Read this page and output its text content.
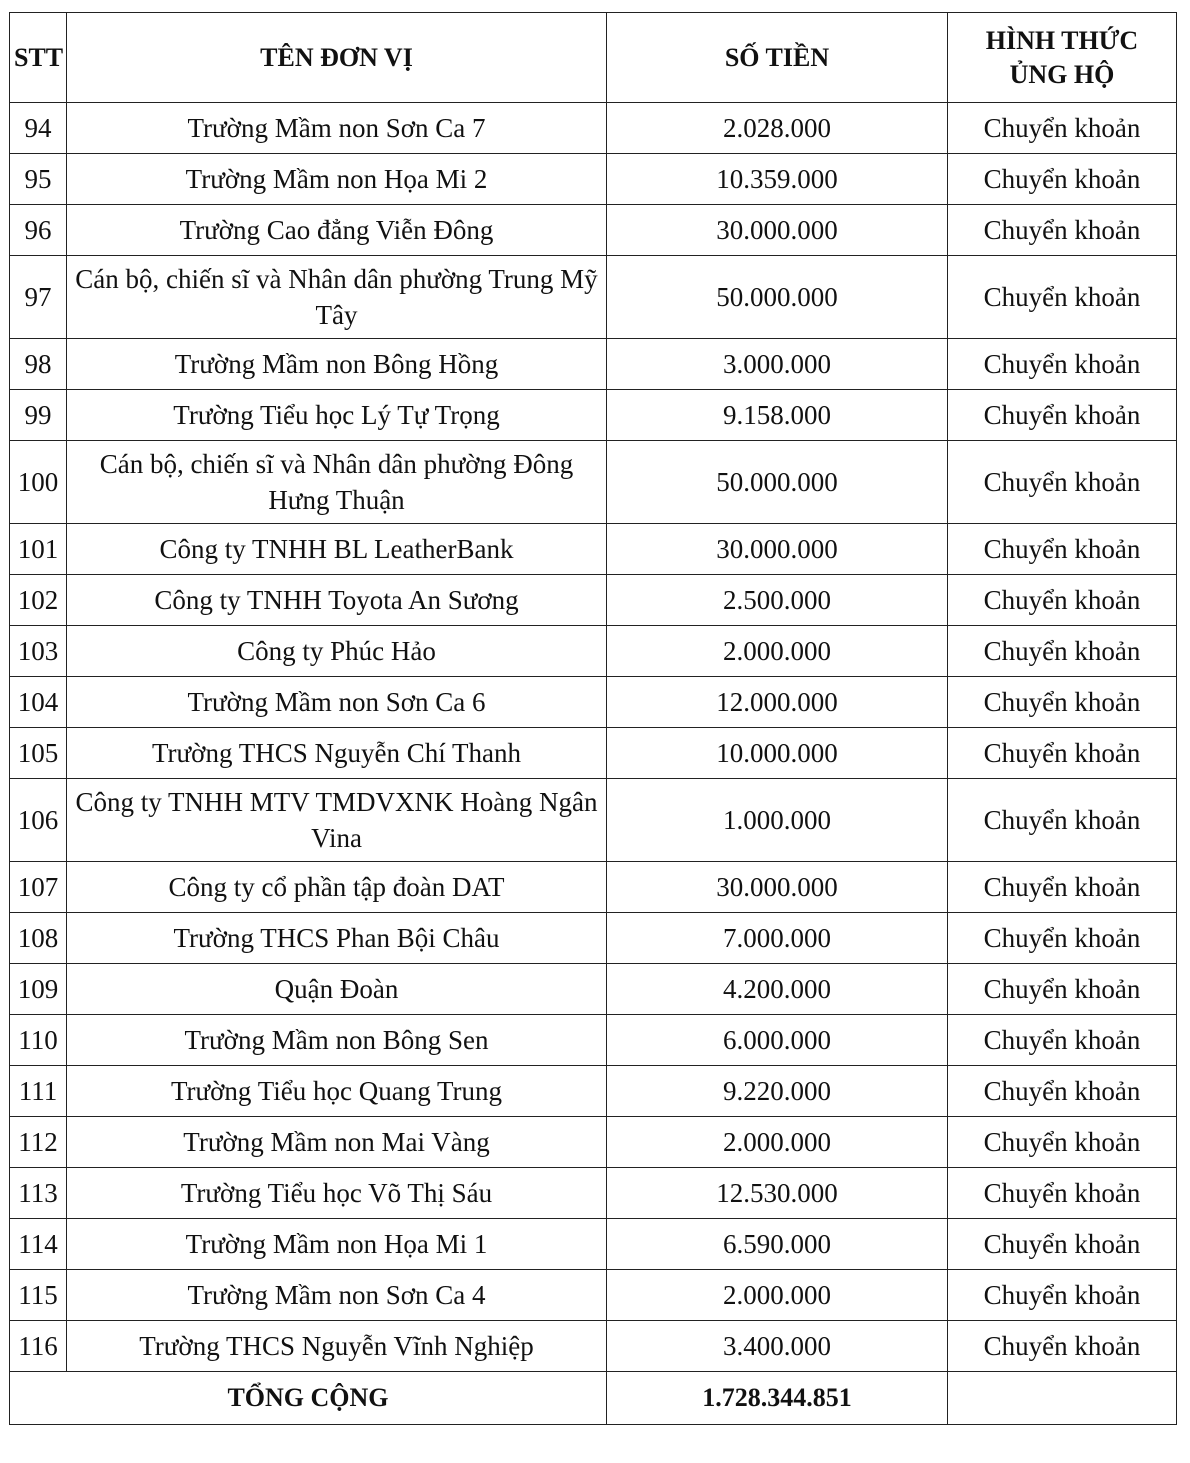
STT	TÊN ĐƠN VỊ	SỐ TIỀN	HÌNH THỨC ỦNG HỘ
94	Trường Mầm non Sơn Ca 7	2.028.000	Chuyển khoản
95	Trường Mầm non Họa Mi 2	10.359.000	Chuyển khoản
96	Trường Cao đẳng Viễn Đông	30.000.000	Chuyển khoản
97	Cán bộ, chiến sĩ và Nhân dân phường Trung Mỹ Tây	50.000.000	Chuyển khoản
98	Trường Mầm non Bông Hồng	3.000.000	Chuyển khoản
99	Trường Tiểu học Lý Tự Trọng	9.158.000	Chuyển khoản
100	Cán bộ, chiến sĩ và Nhân dân phường Đông Hưng Thuận	50.000.000	Chuyển khoản
101	Công ty TNHH BL LeatherBank	30.000.000	Chuyển khoản
102	Công ty TNHH Toyota An Sương	2.500.000	Chuyển khoản
103	Công ty Phúc Hảo	2.000.000	Chuyển khoản
104	Trường Mầm non Sơn Ca 6	12.000.000	Chuyển khoản
105	Trường THCS Nguyễn Chí Thanh	10.000.000	Chuyển khoản
106	Công ty TNHH MTV TMDVXNK Hoàng Ngân Vina	1.000.000	Chuyển khoản
107	Công ty cổ phần tập đoàn DAT	30.000.000	Chuyển khoản
108	Trường THCS Phan Bội Châu	7.000.000	Chuyển khoản
109	Quận Đoàn	4.200.000	Chuyển khoản
110	Trường Mầm non Bông Sen	6.000.000	Chuyển khoản
111	Trường Tiểu học Quang Trung	9.220.000	Chuyển khoản
112	Trường Mầm non Mai Vàng	2.000.000	Chuyển khoản
113	Trường Tiểu học Võ Thị Sáu	12.530.000	Chuyển khoản
114	Trường Mầm non Họa Mi 1	6.590.000	Chuyển khoản
115	Trường Mầm non Sơn Ca 4	2.000.000	Chuyển khoản
116	Trường THCS Nguyễn Vĩnh Nghiệp	3.400.000	Chuyển khoản
TỔNG CỘNG		1.728.344.851	
